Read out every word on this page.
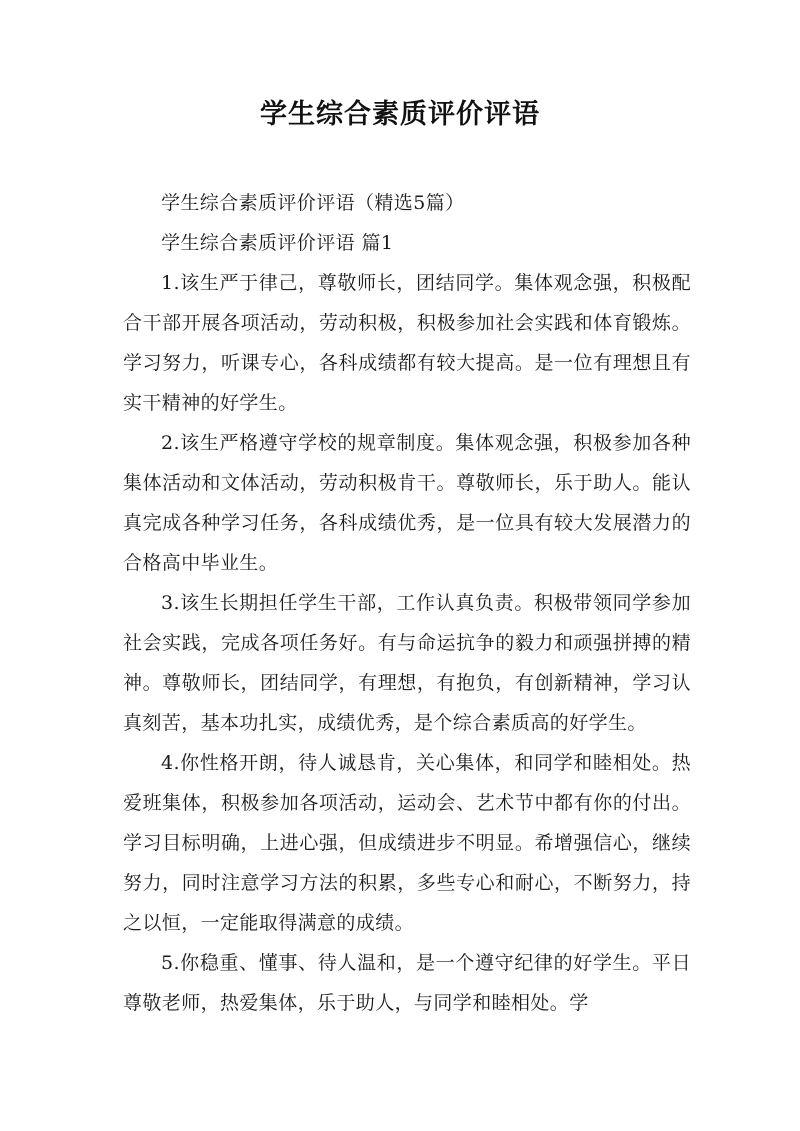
学生综合素质评价评语

学生综合素质评价评语（精选5篇）

学生综合素质评价评语 篇1

1.该生严于律己，尊敬师长，团结同学。集体观念强，积极配合干部开展各项活动，劳动积极，积极参加社会实践和体育锻炼。学习努力，听课专心，各科成绩都有较大提高。是一位有理想且有实干精神的好学生。

2.该生严格遵守学校的规章制度。集体观念强，积极参加各种集体活动和文体活动，劳动积极肯干。尊敬师长，乐于助人。能认真完成各种学习任务，各科成绩优秀，是一位具有较大发展潜力的合格高中毕业生。

3.该生长期担任学生干部，工作认真负责。积极带领同学参加社会实践，完成各项任务好。有与命运抗争的毅力和顽强拼搏的精神。尊敬师长，团结同学，有理想，有抱负，有创新精神，学习认真刻苦，基本功扎实，成绩优秀，是个综合素质高的好学生。

4.你性格开朗，待人诚恳肯，关心集体，和同学和睦相处。热爱班集体，积极参加各项活动，运动会、艺术节中都有你的付出。学习目标明确，上进心强，但成绩进步不明显。希增强信心，继续努力，同时注意学习方法的积累，多些专心和耐心，不断努力，持之以恒，一定能取得满意的成绩。

5.你稳重、懂事、待人温和，是一个遵守纪律的好学生。平日尊敬老师，热爱集体，乐于助人，与同学和睦相处。学
